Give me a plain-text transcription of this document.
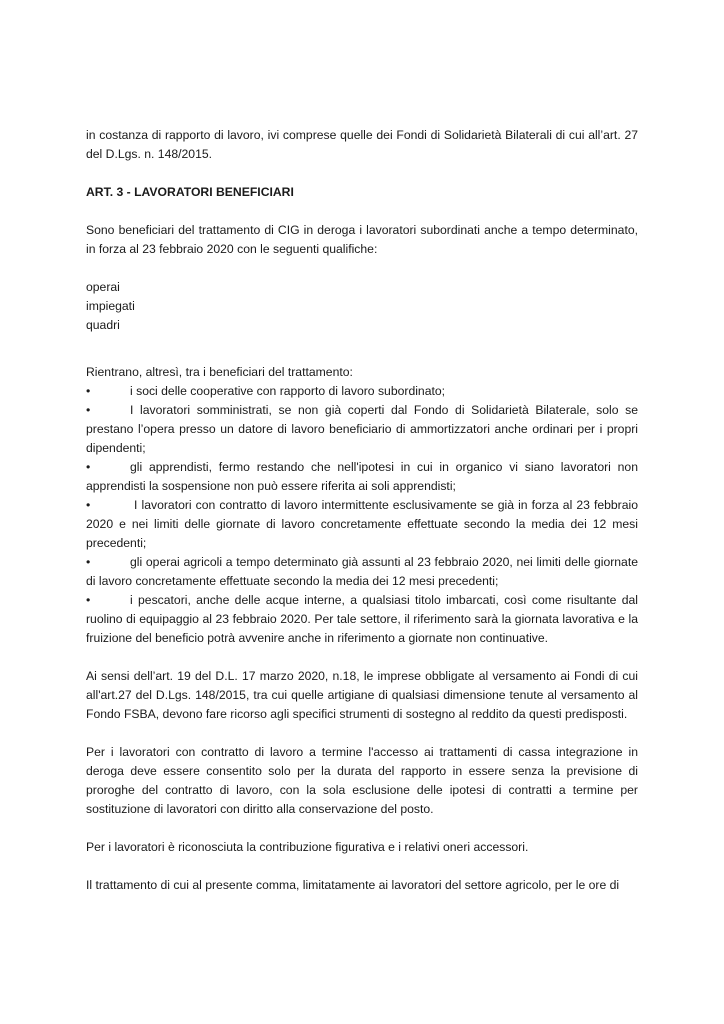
in costanza di rapporto di lavoro, ivi comprese quelle dei Fondi di Solidarietà Bilaterali di cui all’art. 27 del D.Lgs. n. 148/2015.

ART. 3 - LAVORATORI BENEFICIARI

Sono beneficiari del trattamento di CIG in deroga i lavoratori subordinati anche a tempo determinato, in forza al 23 febbraio 2020 con le seguenti qualifiche:

operai
impiegati
quadri

Rientrano, altresì, tra i beneficiari del trattamento:

•	i soci delle cooperative con rapporto di lavoro subordinato;
•	I lavoratori somministrati, se non già coperti dal Fondo di Solidarietà Bilaterale, solo se prestano l’opera presso un datore di lavoro beneficiario di ammortizzatori anche ordinari per i propri dipendenti;
•	gli apprendisti, fermo restando che nell'ipotesi in cui in organico vi siano lavoratori non apprendisti la sospensione non può essere riferita ai soli apprendisti;
•	I lavoratori con contratto di lavoro intermittente esclusivamente se già in forza al 23 febbraio 2020 e nei limiti delle giornate di lavoro concretamente effettuate secondo la media dei 12 mesi precedenti;
•	gli operai agricoli a tempo determinato già assunti al 23 febbraio 2020, nei limiti delle giornate di lavoro concretamente effettuate secondo la media dei 12 mesi precedenti;
•	i pescatori, anche delle acque interne, a qualsiasi titolo imbarcati, così come risultante dal ruolino di equipaggio al 23 febbraio 2020. Per tale settore, il riferimento sarà la giornata lavorativa e la fruizione del beneficio potrà avvenire anche in riferimento a giornate non continuative.

Ai sensi dell’art. 19 del D.L. 17 marzo 2020, n.18, le imprese obbligate al versamento ai Fondi di cui all'art.27 del D.Lgs. 148/2015, tra cui quelle artigiane di qualsiasi dimensione tenute al versamento al Fondo FSBA, devono fare ricorso agli specifici strumenti di sostegno al reddito da questi predisposti.

Per i lavoratori con contratto di lavoro a termine l'accesso ai trattamenti di cassa integrazione in deroga deve essere consentito solo per la durata del rapporto in essere senza la previsione di proroghe del contratto di lavoro, con la sola esclusione delle ipotesi di contratti a termine per sostituzione di lavoratori con diritto alla conservazione del posto.

Per i lavoratori è riconosciuta la contribuzione figurativa e i relativi oneri accessori.

Il trattamento di cui al presente comma, limitatamente ai lavoratori del settore agricolo, per le ore di
